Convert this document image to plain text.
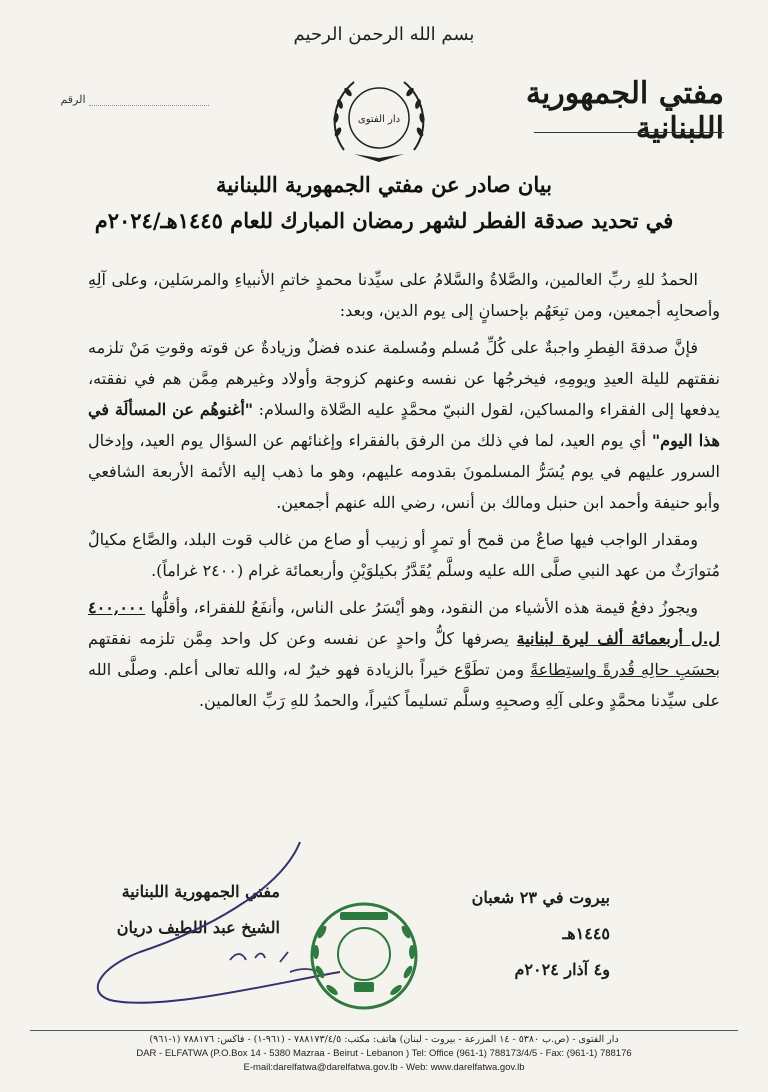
بسم الله الرحمن الرحيم
مفتي الجمهورية اللبنانية
دار الفتوى
الرقم
بيان صادر عن مفتي الجمهورية اللبنانية
في تحديد صدقة الفطر لشهر رمضان المبارك للعام ١٤٤٥هـ/٢٠٢٤م

الحمدُ للهِ ربِّ العالمين، والصَّلاةُ والسَّلامُ على سيِّدنا محمدٍ خاتمِ الأنبياءِ والمرسَلين، وعلى آلِهِ وأصحابِه أجمعين، ومن تبِعَهُم بإحسانٍ إلى يوم الدين، وبعد:

فإنَّ صدقةَ الفِطرِ واجبةٌ على كُلِّ مُسلم ومُسلمة عنده فضلٌ وزيادةٌ عن قوته وقوتِ مَنْ تلزمه نفقتهم لليلة العيدِ ويومِهِ، فيخرجُها عن نفسه وعنهم كزوجة وأولاد وغيرهم مِمَّن هم في نفقته، يدفعها إلى الفقراء والمساكين، لقول النبيّ محمَّدٍ عليه الصَّلاة والسلام: "أغنوهُم عن المسألَة في هذا اليوم" أي يوم العيد، لما في ذلك من الرفق بالفقراء وإغنائهم عن السؤال يوم العيد، وإدخال السرور عليهم في يوم يُسَرُّ المسلمونَ بقدومه عليهم، وهو ما ذهب إليه الأئمة الأربعة الشافعي وأبو حنيفة وأحمد ابن حنبل ومالك بن أنس، رضي الله عنهم أجمعين.

ومقدار الواجب فيها صاعٌ من قمح أو تمرٍ أو زبيب أو صاع من غالب قوت البلد، والصَّاع مكيالٌ مُتوارَثٌ من عهد النبي صلَّى الله عليه وسلَّم يُقَدَّرُ بكيلوَيْنِ وأربعمائة غرام (٢٤٠٠ غراماً).

ويجوزُ دفعُ قيمة هذه الأشياء من النقود، وهو أيْسَرُ على الناس، وأنفَعُ للفقراء، وأقلُّها ٤٠٠,٠٠٠ ل.ل أربعمائة ألف ليرة لبنانية يصرفها كلُّ واحدٍ عن نفسه وعن كل واحد مِمَّن تلزمه نفقتهم بحسَبِ حالِهِ قُدرةً واستِطاعةً ومن تطَوَّع خيراً بالزيادة فهو خيرٌ له، والله تعالى أعلم. وصلَّى الله على سيِّدنا محمَّدٍ وعلى آلِهِ وصحبِهِ وسلَّم تسليماً كثيراً، والحمدُ للهِ رَبِّ العالمين.

بيروت في ٢٣ شعبان ١٤٤٥هـ
و٤ آذار ٢٠٢٤م
مفتي الجمهورية اللبنانية
الشيخ عبد اللطيف دريان
دار الفتوى - (ص.ب ٥٣٨٠ - ١٤ المزرعة - بيروت - لبنان) هاتف: مكتب: ٧٨٨١٧٣/٤/٥ - (٩٦١-١) - فاكس: ٧٨٨١٧٦ (١-٩٦١)
DAR - ELFATWA (P.O.Box 14 - 5380 Mazraa - Beirut - Lebanon ) Tel: Office (961-1) 788173/4/5 - Fax: (961-1) 788176
E-mail:darelfatwa@darelfatwa.gov.lb - Web: www.darelfatwa.gov.lb
